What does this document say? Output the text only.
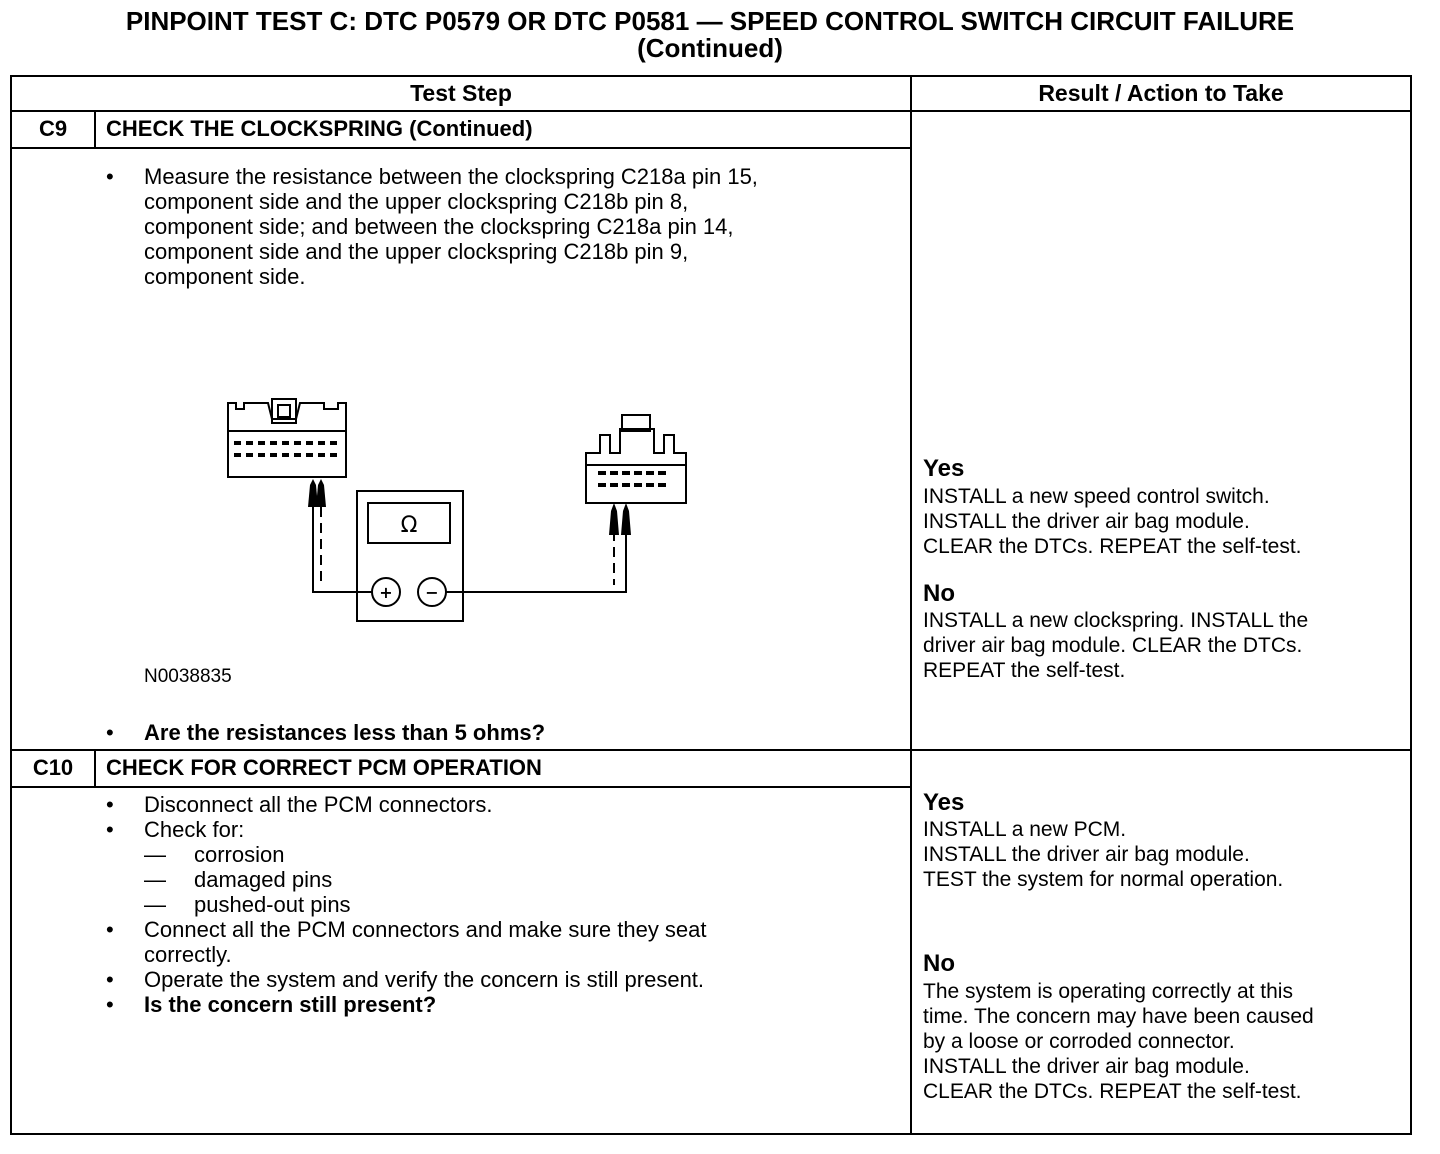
PINPOINT TEST C: DTC P0579 OR DTC P0581 — SPEED CONTROL SWITCH CIRCUIT FAILURE
(Continued)
Test Step	Result / Action to Take
C9	CHECK THE CLOCKSPRING (Continued)
• Measure the resistance between the clockspring C218a pin 15,
component side and the upper clockspring C218b pin 8,
component side; and between the clockspring C218a pin 14,
component side and the upper clockspring C218b pin 9,
component side.
Ω
+ −
N0038835
• Are the resistances less than 5 ohms?
Yes
INSTALL a new speed control switch.
INSTALL the driver air bag module.
CLEAR the DTCs. REPEAT the self-test.
No
INSTALL a new clockspring. INSTALL the
driver air bag module. CLEAR the DTCs.
REPEAT the self-test.
C10	CHECK FOR CORRECT PCM OPERATION
• Disconnect all the PCM connectors.
• Check for:
— corrosion
— damaged pins
— pushed-out pins
• Connect all the PCM connectors and make sure they seat
correctly.
• Operate the system and verify the concern is still present.
• Is the concern still present?
Yes
INSTALL a new PCM.
INSTALL the driver air bag module.
TEST the system for normal operation.
No
The system is operating correctly at this
time. The concern may have been caused
by a loose or corroded connector.
INSTALL the driver air bag module.
CLEAR the DTCs. REPEAT the self-test.
